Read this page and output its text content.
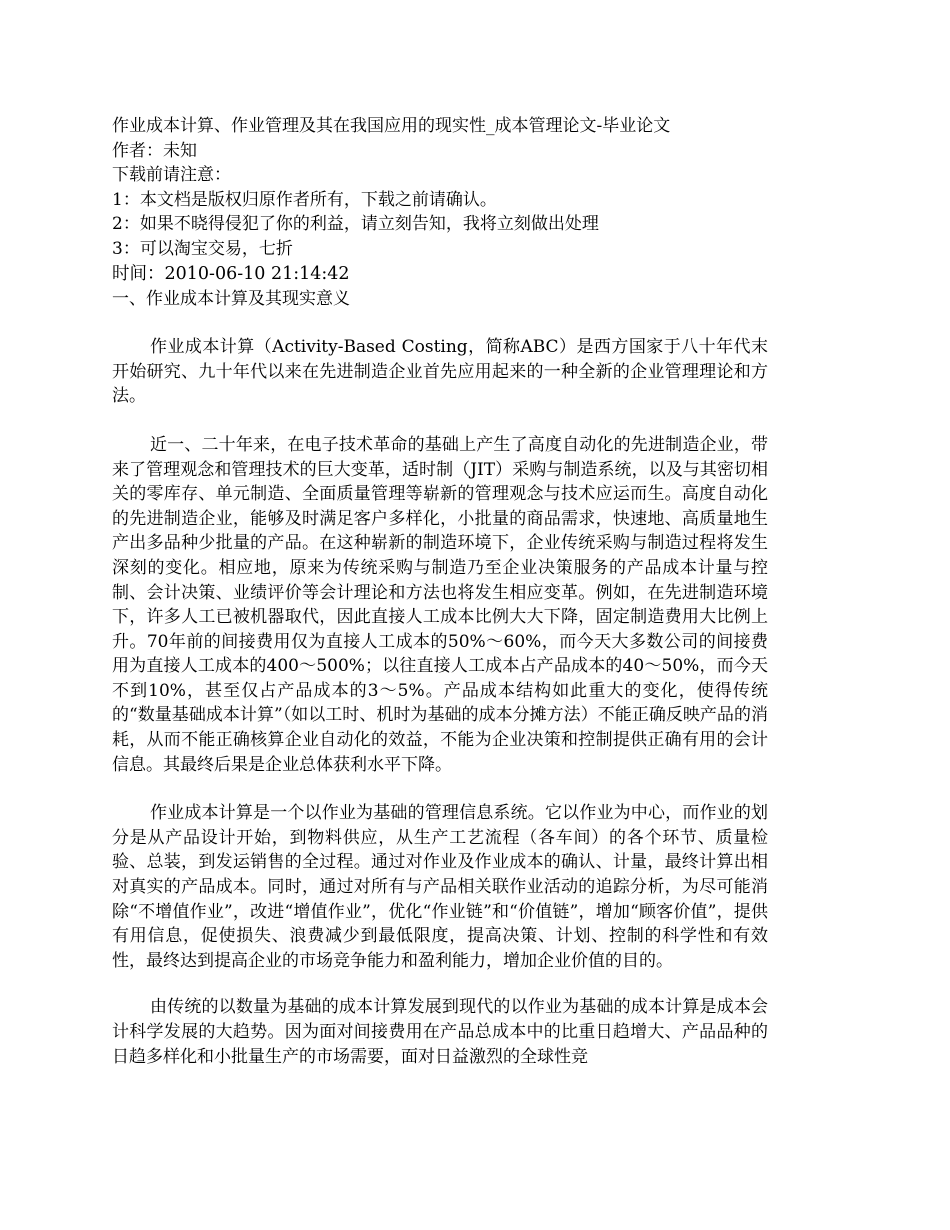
作业成本计算、作业管理及其在我国应用的现实性_成本管理论文-毕业论文
作者：未知
下载前请注意：
1：本文档是版权归原作者所有，下载之前请确认。
2：如果不晓得侵犯了你的利益，请立刻告知，我将立刻做出处理
3：可以淘宝交易，七折
时间：2010-06-10 21:14:42
一、作业成本计算及其现实意义

作业成本计算（Activity-Based Costing，简称ABC）是西方国家于八十年代末开始研究、九十年代以来在先进制造企业首先应用起来的一种全新的企业管理理论和方法。

近一、二十年来，在电子技术革命的基础上产生了高度自动化的先进制造企业，带来了管理观念和管理技术的巨大变革，适时制（JIT）采购与制造系统，以及与其密切相关的零库存、单元制造、全面质量管理等崭新的管理观念与技术应运而生。高度自动化的先进制造企业，能够及时满足客户多样化，小批量的商品需求，快速地、高质量地生产出多品种少批量的产品。在这种崭新的制造环境下，企业传统采购与制造过程将发生深刻的变化。相应地，原来为传统采购与制造乃至企业决策服务的产品成本计量与控制、会计决策、业绩评价等会计理论和方法也将发生相应变革。例如，在先进制造环境下，许多人工已被机器取代，因此直接人工成本比例大大下降，固定制造费用大比例上升。70年前的间接费用仅为直接人工成本的50%～60%，而今天大多数公司的间接费用为直接人工成本的400～500%；以往直接人工成本占产品成本的40～50%，而今天不到10%，甚至仅占产品成本的3～5%。产品成本结构如此重大的变化，使得传统的“数量基础成本计算”（如以工时、机时为基础的成本分摊方法）不能正确反映产品的消耗，从而不能正确核算企业自动化的效益，不能为企业决策和控制提供正确有用的会计信息。其最终后果是企业总体获利水平下降。

作业成本计算是一个以作业为基础的管理信息系统。它以作业为中心，而作业的划分是从产品设计开始，到物料供应，从生产工艺流程（各车间）的各个环节、质量检验、总装，到发运销售的全过程。通过对作业及作业成本的确认、计量，最终计算出相对真实的产品成本。同时，通过对所有与产品相关联作业活动的追踪分析，为尽可能消除“不增值作业”，改进“增值作业”，优化“作业链”和“价值链”，增加“顾客价值”，提供有用信息，促使损失、浪费减少到最低限度，提高决策、计划、控制的科学性和有效性，最终达到提高企业的市场竞争能力和盈利能力，增加企业价值的目的。

由传统的以数量为基础的成本计算发展到现代的以作业为基础的成本计算是成本会计科学发展的大趋势。因为面对间接费用在产品总成本中的比重日趋增大、产品品种的日趋多样化和小批量生产的市场需要，面对日益激烈的全球性竞
